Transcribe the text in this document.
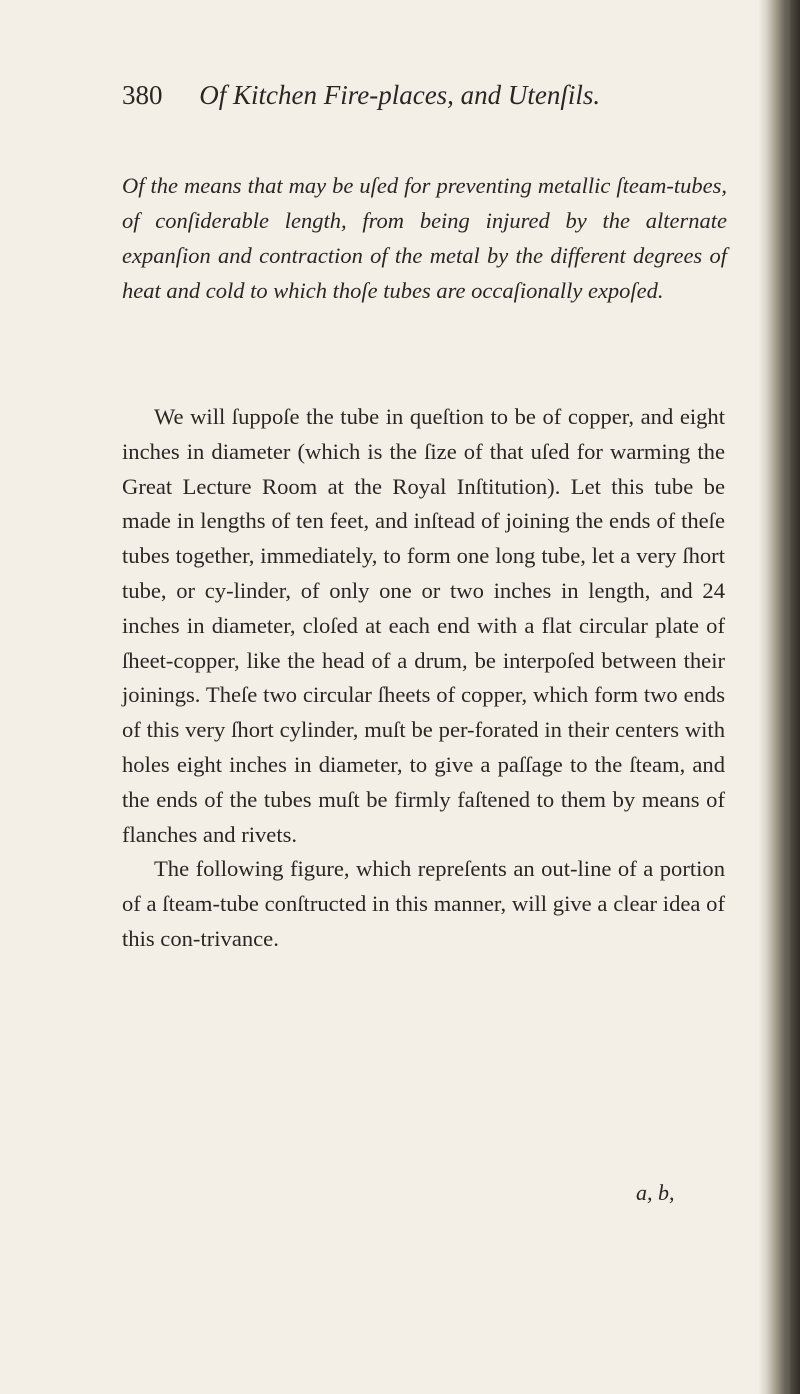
380 Of Kitchen Fire-places, and Utenſils.
Of the means that may be uſed for preventing metallic ſteam-tubes, of conſiderable length, from being injured by the alternate expanſion and contraction of the metal by the different degrees of heat and cold to which thoſe tubes are occaſionally expoſed.

We will ſuppoſe the tube in queſtion to be of copper, and eight inches in diameter (which is the ſize of that uſed for warming the Great Lecture Room at the Royal Inſtitution). Let this tube be made in lengths of ten feet, and inſtead of joining the ends of theſe tubes together, immediately, to form one long tube, let a very ſhort tube, or cy-linder, of only one or two inches in length, and 24 inches in diameter, cloſed at each end with a flat circular plate of ſheet-copper, like the head of a drum, be interpoſed between their joinings. Theſe two circular ſheets of copper, which form two ends of this very ſhort cylinder, muſt be per-forated in their centers with holes eight inches in diameter, to give a paſſage to the ſteam, and the ends of the tubes muſt be firmly faſtened to them by means of flanches and rivets.

The following figure, which repreſents an out-line of a portion of a ſteam-tube conſtructed in this manner, will give a clear idea of this con-trivance.

a, b,
